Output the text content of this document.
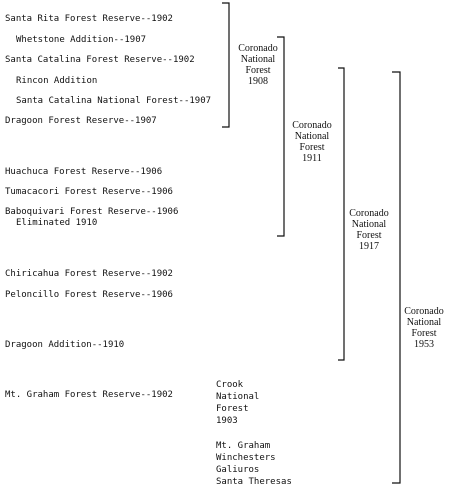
Santa Rita Forest Reserve--1902
Whetstone Addition--1907
Santa Catalina Forest Reserve--1902
Rincon Addition
Santa Catalina National Forest--1907
Dragoon Forest Reserve--1907
Huachuca Forest Reserve--1906
Tumacacori Forest Reserve--1906
Baboquivari Forest Reserve--1906
Eliminated 1910
Chiricahua Forest Reserve--1902
Peloncillo Forest Reserve--1906
Dragoon Addition--1910
Mt. Graham Forest Reserve--1902
Crook
National
Forest
1903
Mt. Graham
Winchesters
Galiuros
Santa Theresas
Coronado
National
Forest
1908
Coronado
National
Forest
1911
Coronado
National
Forest
1917
Coronado
National
Forest
1953
